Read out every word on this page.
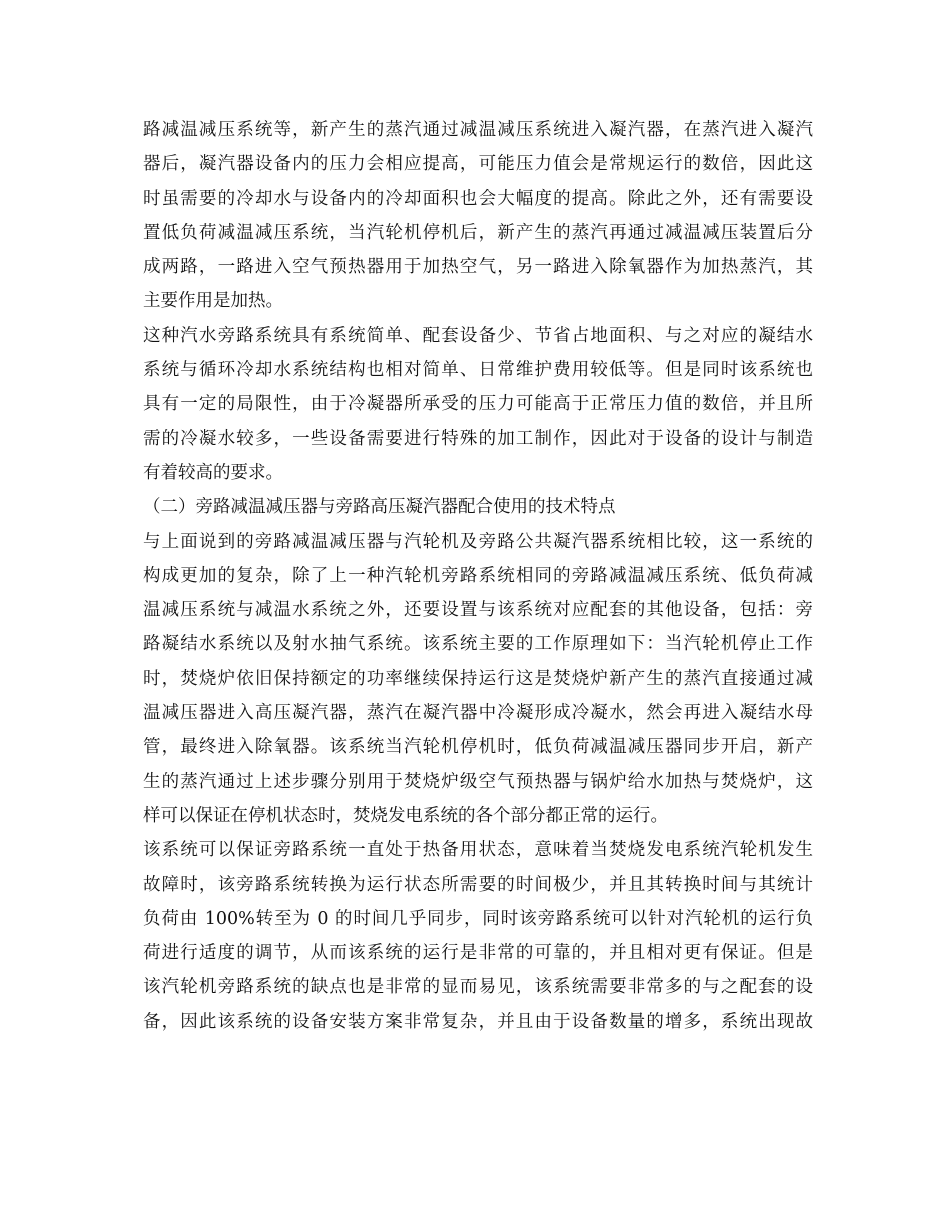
路减温减压系统等，新产生的蒸汽通过减温减压系统进入凝汽器，在蒸汽进入凝汽
器后，凝汽器设备内的压力会相应提高，可能压力值会是常规运行的数倍，因此这
时虽需要的冷却水与设备内的冷却面积也会大幅度的提高。除此之外，还有需要设
置低负荷减温减压系统，当汽轮机停机后，新产生的蒸汽再通过减温减压装置后分
成两路，一路进入空气预热器用于加热空气，另一路进入除氧器作为加热蒸汽，其
主要作用是加热。
这种汽水旁路系统具有系统简单、配套设备少、节省占地面积、与之对应的凝结水
系统与循环冷却水系统结构也相对简单、日常维护费用较低等。但是同时该系统也
具有一定的局限性，由于冷凝器所承受的压力可能高于正常压力值的数倍，并且所
需的冷凝水较多，一些设备需要进行特殊的加工制作，因此对于设备的设计与制造
有着较高的要求。
（二）旁路减温减压器与旁路高压凝汽器配合使用的技术特点
与上面说到的旁路减温减压器与汽轮机及旁路公共凝汽器系统相比较，这一系统的
构成更加的复杂，除了上一种汽轮机旁路系统相同的旁路减温减压系统、低负荷减
温减压系统与减温水系统之外，还要设置与该系统对应配套的其他设备，包括：旁
路凝结水系统以及射水抽气系统。该系统主要的工作原理如下：当汽轮机停止工作
时，焚烧炉依旧保持额定的功率继续保持运行这是焚烧炉新产生的蒸汽直接通过减
温减压器进入高压凝汽器，蒸汽在凝汽器中冷凝形成冷凝水，然会再进入凝结水母
管，最终进入除氧器。该系统当汽轮机停机时，低负荷减温减压器同步开启，新产
生的蒸汽通过上述步骤分别用于焚烧炉级空气预热器与锅炉给水加热与焚烧炉，这
样可以保证在停机状态时，焚烧发电系统的各个部分都正常的运行。
该系统可以保证旁路系统一直处于热备用状态，意味着当焚烧发电系统汽轮机发生
故障时，该旁路系统转换为运行状态所需要的时间极少，并且其转换时间与其统计
负荷由 100%转至为 0 的时间几乎同步，同时该旁路系统可以针对汽轮机的运行负
荷进行适度的调节，从而该系统的运行是非常的可靠的，并且相对更有保证。但是
该汽轮机旁路系统的缺点也是非常的显而易见，该系统需要非常多的与之配套的设
备，因此该系统的设备安装方案非常复杂，并且由于设备数量的增多，系统出现故
